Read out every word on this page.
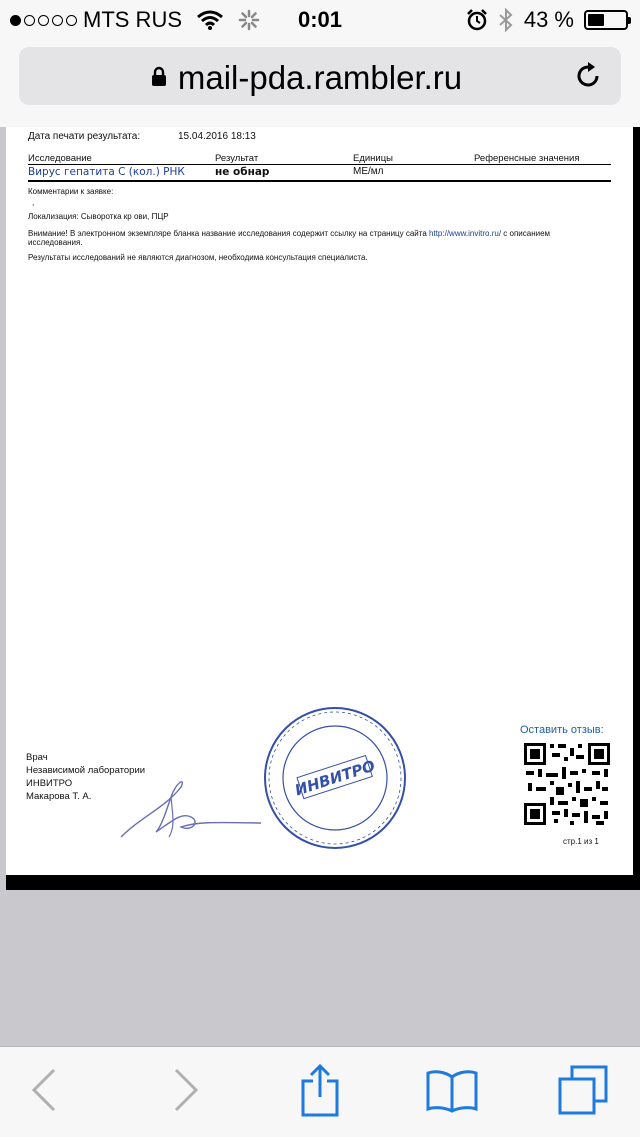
MTS RUS	0:01	43 %
mail-pda.rambler.ru
Дата печати результата:	15.04.2016 18:13
Исследование	Результат	Единицы	Референсные значения
Вирус гепатита С (кол.) РНК	не обнар	МЕ/мл
Комментарии к заявке:
,
Локализация: Сыворотка кр ови, ПЦР
Внимание! В электронном экземпляре бланка название исследования содержит ссылку на страницу сайта http://www.invitro.ru/ с описанием
исследования.
Результаты исследований не являются диагнозом, необходима консультация специалиста.
Врач
Независимой лаборатории
ИНВИТРО
Макарова Т. А.	ИНВИТРО
Оставить отзыв:
стр.1 из 1
